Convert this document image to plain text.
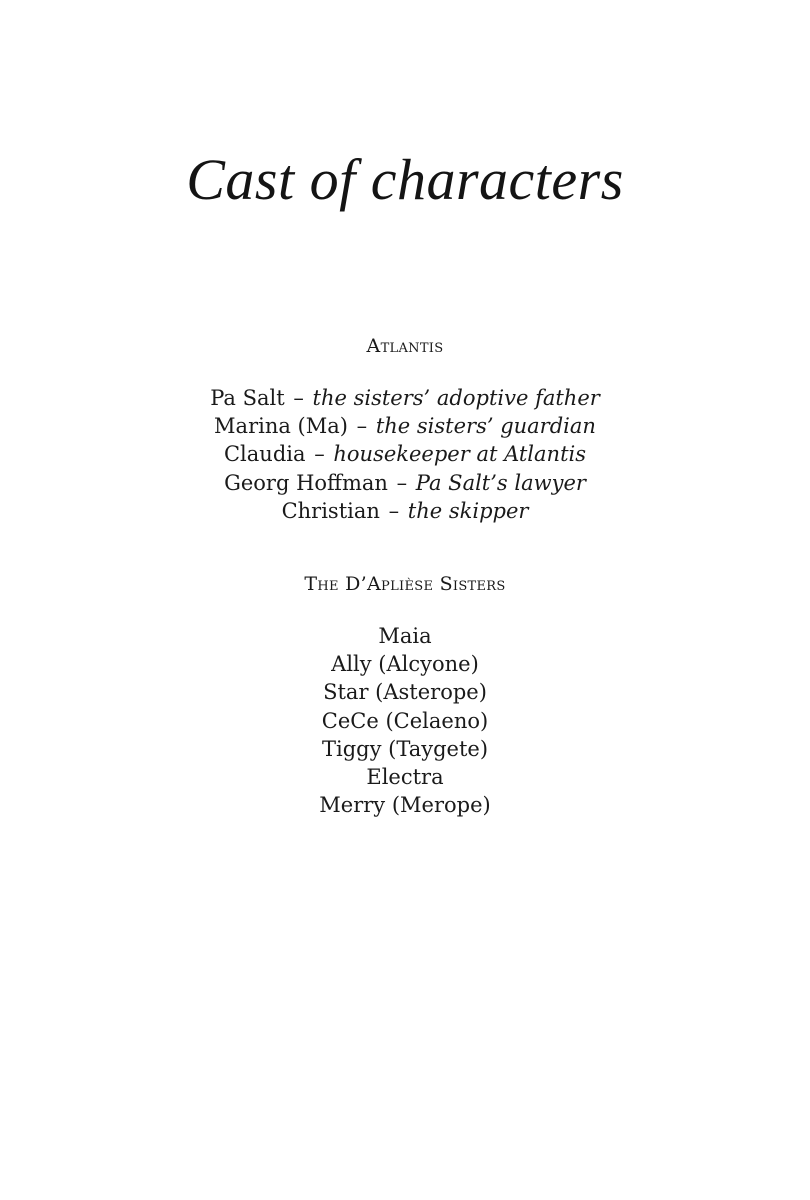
Cast of characters
Atlantis
Pa Salt – the sisters’ adoptive father
Marina (Ma) – the sisters’ guardian
Claudia – housekeeper at Atlantis
Georg Hoffman – Pa Salt’s lawyer
Christian – the skipper
The D’Aplièse Sisters
Maia
Ally (Alcyone)
Star (Asterope)
CeCe (Celaeno)
Tiggy (Taygete)
Electra
Merry (Merope)
